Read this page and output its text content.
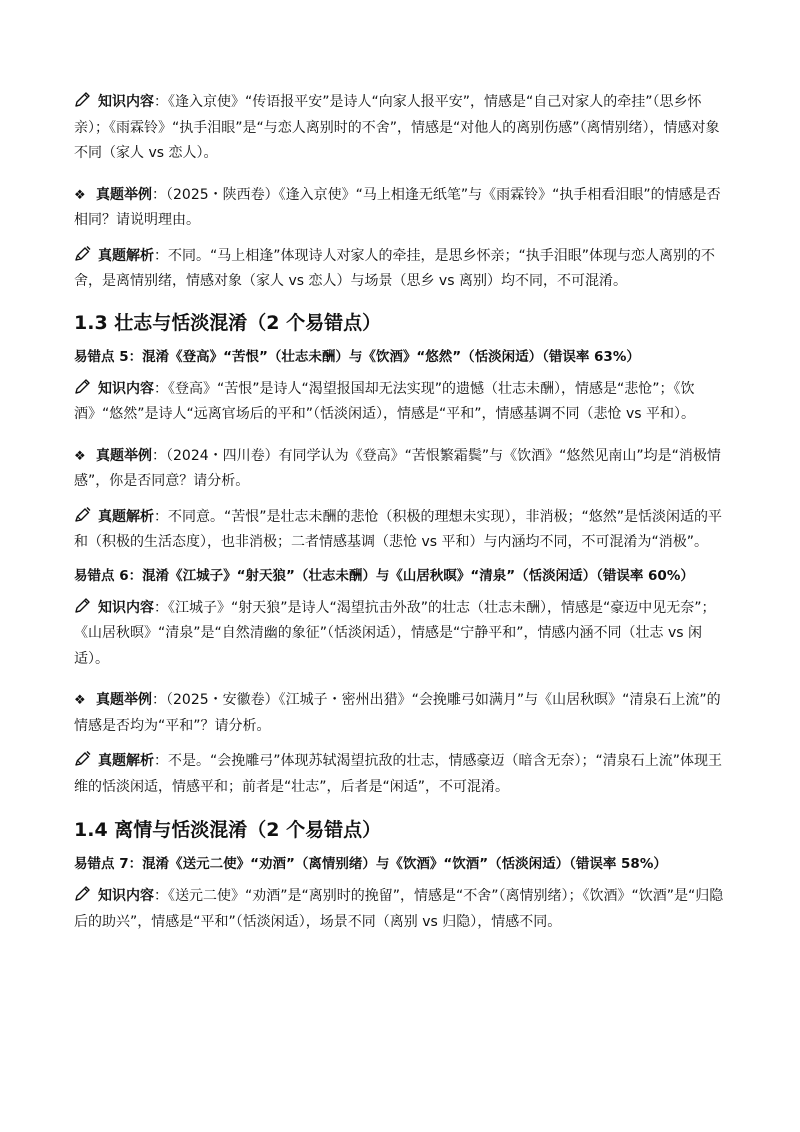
知识内容：《逢入京使》“传语报平安”是诗人“向家人报平安”，情感是“自己对家人的牵挂”（思乡怀亲）；《雨霖铃》“执手泪眼”是“与恋人离别时的不舍”，情感是“对他人的离别伤感”（离情别绪），情感对象不同（家人 vs 恋人）。

❖ 真题举例：（2025・陕西卷）《逢入京使》“马上相逢无纸笔”与《雨霖铃》“执手相看泪眼”的情感是否相同？请说明理由。

真题解析：不同。“马上相逢”体现诗人对家人的牵挂，是思乡怀亲；“执手泪眼”体现与恋人离别的不舍，是离情别绪，情感对象（家人 vs 恋人）与场景（思乡 vs 离别）均不同，不可混淆。

1.3 壮志与恬淡混淆（2 个易错点）

易错点 5：混淆《登高》“苦恨”（壮志未酬）与《饮酒》“悠然”（恬淡闲适）（错误率 63%）

知识内容：《登高》“苦恨”是诗人“渴望报国却无法实现”的遗憾（壮志未酬），情感是“悲怆”；《饮酒》“悠然”是诗人“远离官场后的平和”（恬淡闲适），情感是“平和”，情感基调不同（悲怆 vs 平和）。

❖ 真题举例：（2024・四川卷）有同学认为《登高》“苦恨繁霜鬓”与《饮酒》“悠然见南山”均是“消极情感”，你是否同意？请分析。

真题解析：不同意。“苦恨”是壮志未酬的悲怆（积极的理想未实现），非消极；“悠然”是恬淡闲适的平和（积极的生活态度），也非消极；二者情感基调（悲怆 vs 平和）与内涵均不同，不可混淆为“消极”。

易错点 6：混淆《江城子》“射天狼”（壮志未酬）与《山居秋暝》“清泉”（恬淡闲适）（错误率 60%）

知识内容：《江城子》“射天狼”是诗人“渴望抗击外敌”的壮志（壮志未酬），情感是“豪迈中见无奈”；《山居秋暝》“清泉”是“自然清幽的象征”（恬淡闲适），情感是“宁静平和”，情感内涵不同（壮志 vs 闲适）。

❖ 真题举例：（2025・安徽卷）《江城子・密州出猎》“会挽雕弓如满月”与《山居秋暝》“清泉石上流”的情感是否均为“平和”？请分析。

真题解析：不是。“会挽雕弓”体现苏轼渴望抗敌的壮志，情感豪迈（暗含无奈）；“清泉石上流”体现王维的恬淡闲适，情感平和；前者是“壮志”，后者是“闲适”，不可混淆。

1.4 离情与恬淡混淆（2 个易错点）

易错点 7：混淆《送元二使》“劝酒”（离情别绪）与《饮酒》“饮酒”（恬淡闲适）（错误率 58%）

知识内容：《送元二使》“劝酒”是“离别时的挽留”，情感是“不舍”（离情别绪）；《饮酒》“饮酒”是“归隐后的助兴”，情感是“平和”（恬淡闲适），场景不同（离别 vs 归隐），情感不同。
